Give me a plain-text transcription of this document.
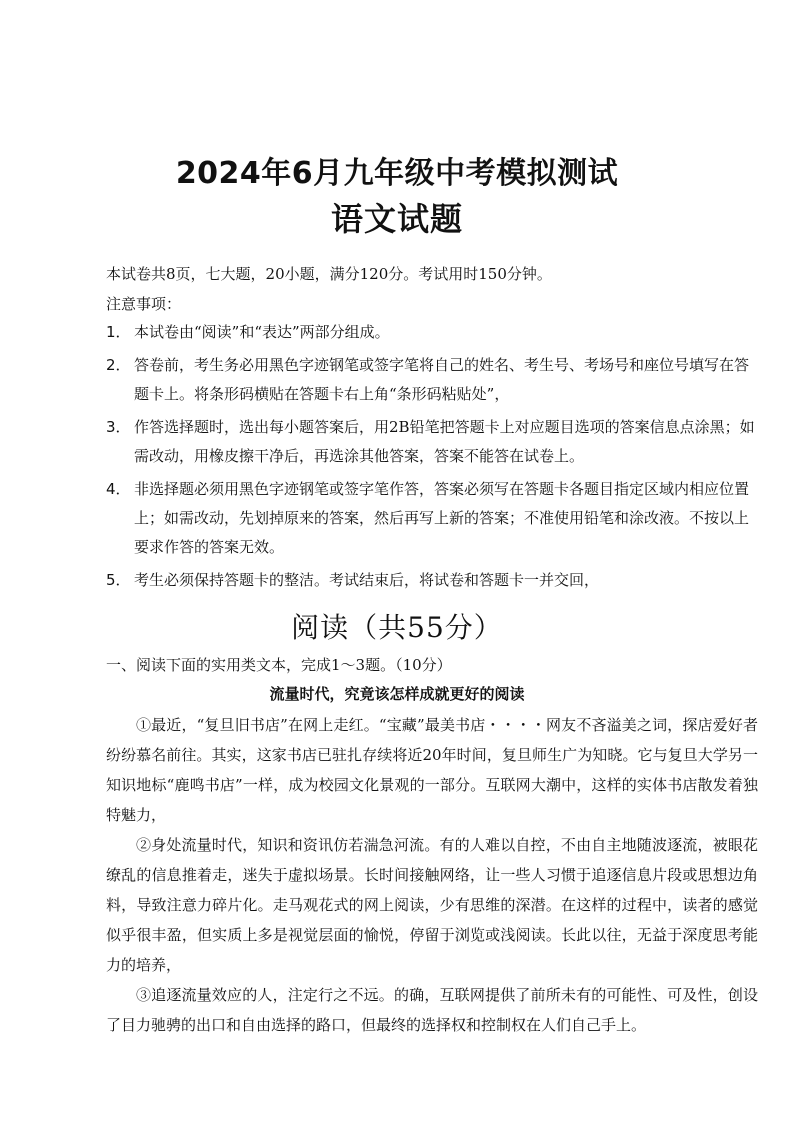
2024年6月九年级中考模拟测试
语文试题
本试卷共8页，七大题，20小题，满分120分。考试用时150分钟。
注意事项：
1． 本试卷由“阅读”和“表达”两部分组成。
2． 答卷前，考生务必用黑色字迹钢笔或签字笔将自己的姓名、考生号、考场号和座位号填写在答题卡上。将条形码横贴在答题卡右上角“条形码粘贴处”，
3． 作答选择题时，选出每小题答案后，用2B铅笔把答题卡上对应题目选项的答案信息点涂黑；如需改动，用橡皮擦干净后，再选涂其他答案，答案不能答在试卷上。
4． 非选择题必须用黑色字迹钢笔或签字笔作答，答案必须写在答题卡各题目指定区域内相应位置上；如需改动，先划掉原来的答案，然后再写上新的答案；不准使用铅笔和涂改液。不按以上要求作答的答案无效。
5． 考生必须保持答题卡的整洁。考试结束后，将试卷和答题卡一并交回，
阅读（共55分）
一、阅读下面的实用类文本，完成1～3题。（10分）
流量时代，究竟该怎样成就更好的阅读

①最近，“复旦旧书店”在网上走红。“宝藏”最美书店・・・・网友不吝溢美之词，探店爱好者纷纷慕名前往。其实，这家书店已驻扎存续将近20年时间，复旦师生广为知晓。它与复旦大学另一知识地标“鹿鸣书店”一样，成为校园文化景观的一部分。互联网大潮中，这样的实体书店散发着独特魅力，

②身处流量时代，知识和资讯仿若湍急河流。有的人难以自控，不由自主地随波逐流，被眼花缭乱的信息推着走，迷失于虚拟场景。长时间接触网络，让一些人习惯于追逐信息片段或思想边角料，导致注意力碎片化。走马观花式的网上阅读，少有思维的深潜。在这样的过程中，读者的感觉似乎很丰盈，但实质上多是视觉层面的愉悦，停留于浏览或浅阅读。长此以往，无益于深度思考能力的培养，

③追逐流量效应的人，注定行之不远。的确，互联网提供了前所未有的可能性、可及性，创设了目力驰骋的出口和自由选择的路口，但最终的选择权和控制权在人们自己手上。
